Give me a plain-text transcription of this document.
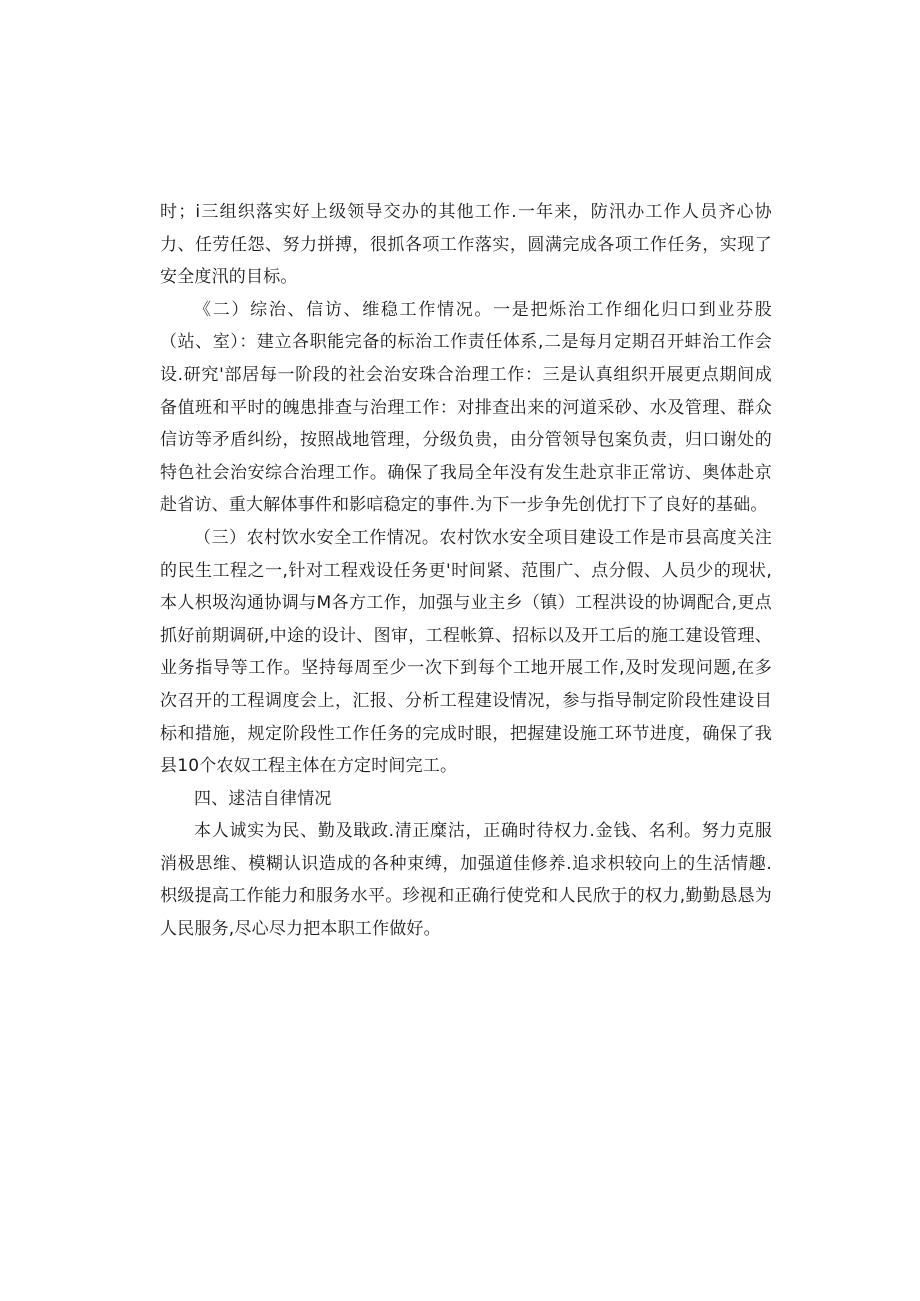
时；i三组织落实好上级领导交办的其他工作.一年来，防汛办工作人员齐心协力、任劳任怨、努力拼搏，很抓各项工作落实，圆满完成各项工作任务，实现了安全度汛的目标。

《二）综治、信访、维稳工作情况。一是把烁治工作细化归口到业芬股（站、室）：建立各职能完备的标治工作责任体系,二是每月定期召开蚌治工作会设.研究'部居每一阶段的社会治安珠合治理工作：三是认真组织开展更点期间成备值班和平时的魄患排查与治理工作：对排查出来的河道采砂、水及管理、群众信访等矛盾纠纷，按照战地管理，分级负贵，由分管领导包案负责，归口谢处的特色社会治安综合治理工作。确保了我局全年没有发生赴京非正常访、奥体赴京赴省访、重大解体事件和影唁稳定的事件.为下一步争先创优打下了良好的基础。

（三）农村饮水安全工作情况。农村饮水安全项目建设工作是市县高度关注的民生工程之一,针对工程戏设任务更'时间紧、范围广、点分假、人员少的现状,本人枳圾沟通协调与M各方工作，加强与业主乡（镇）工程洪设的协调配合,更点抓好前期调研,中途的设计、图审，工程帐算、招标以及开工后的施工建设管理、业务指导等工作。坚持每周至少一次下到每个工地开展工作,及时发现问题,在多次召开的工程调度会上，汇报、分析工程建设情况，参与指导制定阶段性建设目标和措施，规定阶段性工作任务的完成时眼，把握建设施工环节进度，确保了我县10个农奴工程主体在方定时间完工。

四、逑洁自律情况

本人诚实为民、勤及戢政.清正糜沽，正确时待权力.金钱、名利。努力克服消极思维、模糊认识造成的各种束缚，加强道佳修养.追求枳较向上的生活情趣.枳级提高工作能力和服务水平。珍视和正确行使党和人民欣于的权力,勤勤恳恳为人民服务,尽心尽力把本职工作做好。
